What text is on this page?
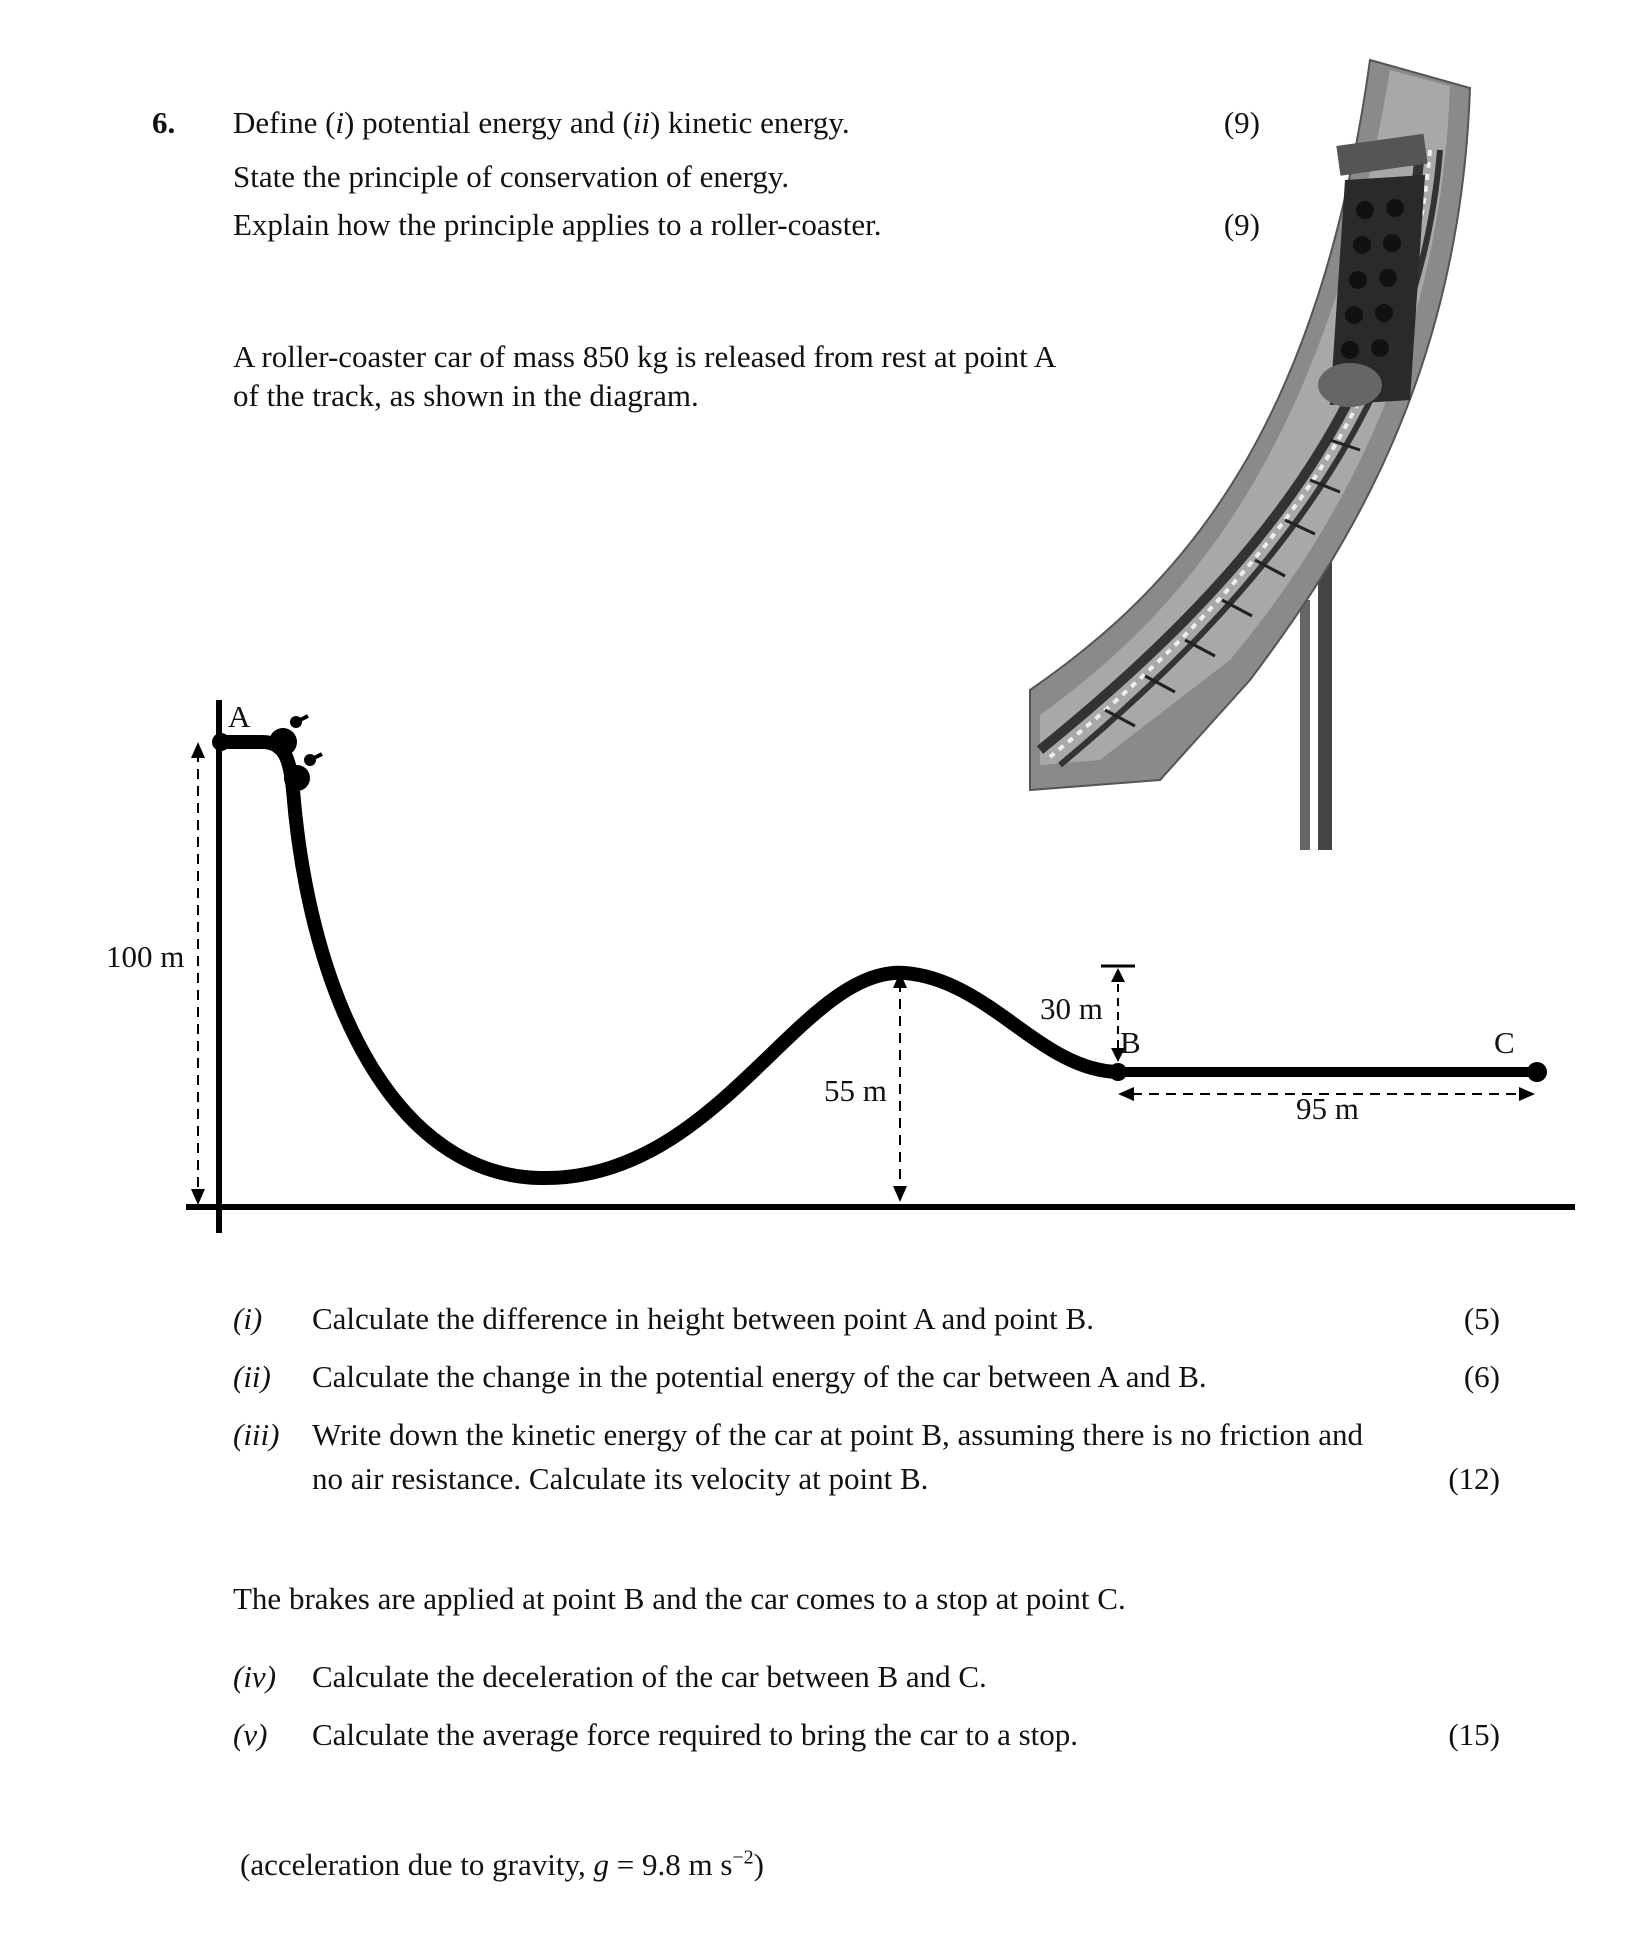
6. Define (i) potential energy and (ii) kinetic energy.	(9)
State the principle of conservation of energy.
Explain how the principle applies to a roller-coaster.	(9)
A roller-coaster car of mass 850 kg is released from rest at point A
of the track, as shown in the diagram.
A
B	C
100 m
55 m
30 m
95 m
(i) Calculate the difference in height between point A and point B.	(5)
(ii) Calculate the change in the potential energy of the car between A and B.	(6)
(iii) Write down the kinetic energy of the car at point B, assuming there is no friction and
no air resistance. Calculate its velocity at point B.	(12)
The brakes are applied at point B and the car comes to a stop at point C.
(iv) Calculate the deceleration of the car between B and C.
(v) Calculate the average force required to bring the car to a stop.	(15)
(acceleration due to gravity, g = 9.8 m $s^{-2}$)
